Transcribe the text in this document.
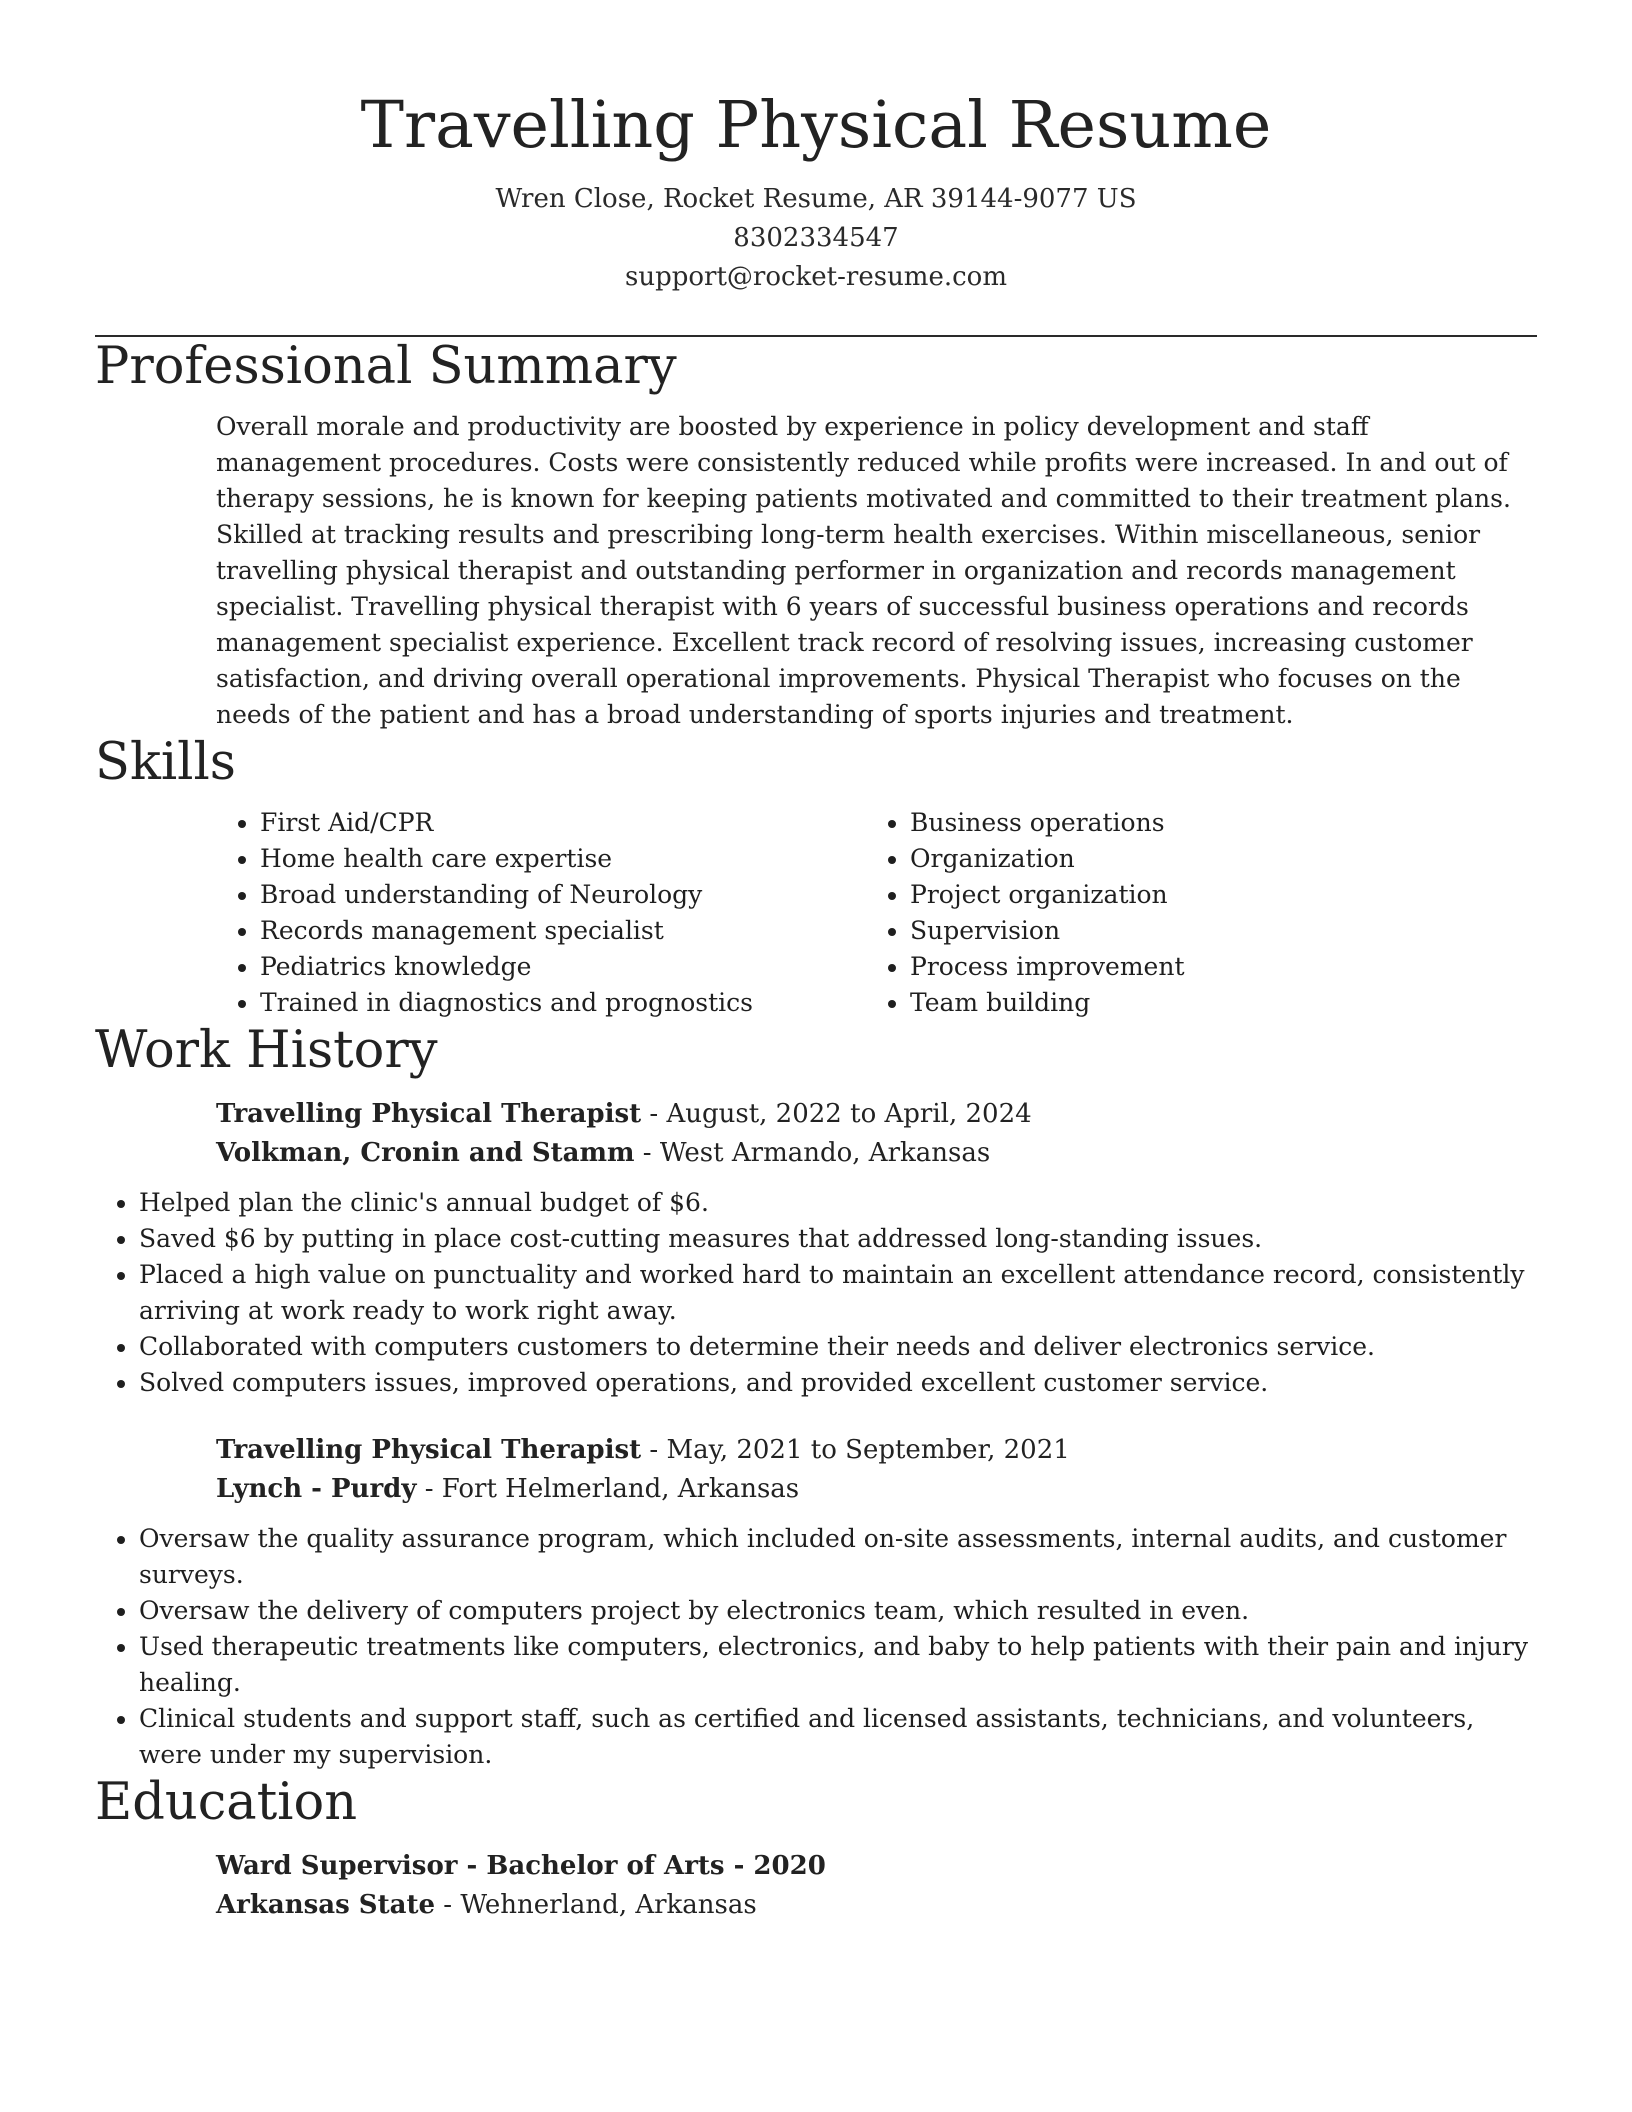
Travelling Physical Resume
Wren Close, Rocket Resume, AR 39144-9077 US
8302334547
support@rocket-resume.com
Professional Summary
Overall morale and productivity are boosted by experience in policy development and staff management procedures. Costs were consistently reduced while profits were increased. In and out of therapy sessions, he is known for keeping patients motivated and committed to their treatment plans. Skilled at tracking results and prescribing long-term health exercises. Within miscellaneous, senior travelling physical therapist and outstanding performer in organization and records management specialist. Travelling physical therapist with 6 years of successful business operations and records management specialist experience. Excellent track record of resolving issues, increasing customer satisfaction, and driving overall operational improvements. Physical Therapist who focuses on the needs of the patient and has a broad understanding of sports injuries and treatment.
Skills
• First Aid/CPR
• Home health care expertise
• Broad understanding of Neurology
• Records management specialist
• Pediatrics knowledge
• Trained in diagnostics and prognostics
• Business operations
• Organization
• Project organization
• Supervision
• Process improvement
• Team building
Work History
Travelling Physical Therapist - August, 2022 to April, 2024
Volkman, Cronin and Stamm - West Armando, Arkansas
• Helped plan the clinic's annual budget of $6.
• Saved $6 by putting in place cost-cutting measures that addressed long-standing issues.
• Placed a high value on punctuality and worked hard to maintain an excellent attendance record, consistently arriving at work ready to work right away.
• Collaborated with computers customers to determine their needs and deliver electronics service.
• Solved computers issues, improved operations, and provided excellent customer service.
Travelling Physical Therapist - May, 2021 to September, 2021
Lynch - Purdy - Fort Helmerland, Arkansas
• Oversaw the quality assurance program, which included on-site assessments, internal audits, and customer surveys.
• Oversaw the delivery of computers project by electronics team, which resulted in even.
• Used therapeutic treatments like computers, electronics, and baby to help patients with their pain and injury healing.
• Clinical students and support staff, such as certified and licensed assistants, technicians, and volunteers, were under my supervision.
Education
Ward Supervisor - Bachelor of Arts - 2020
Arkansas State - Wehnerland, Arkansas
